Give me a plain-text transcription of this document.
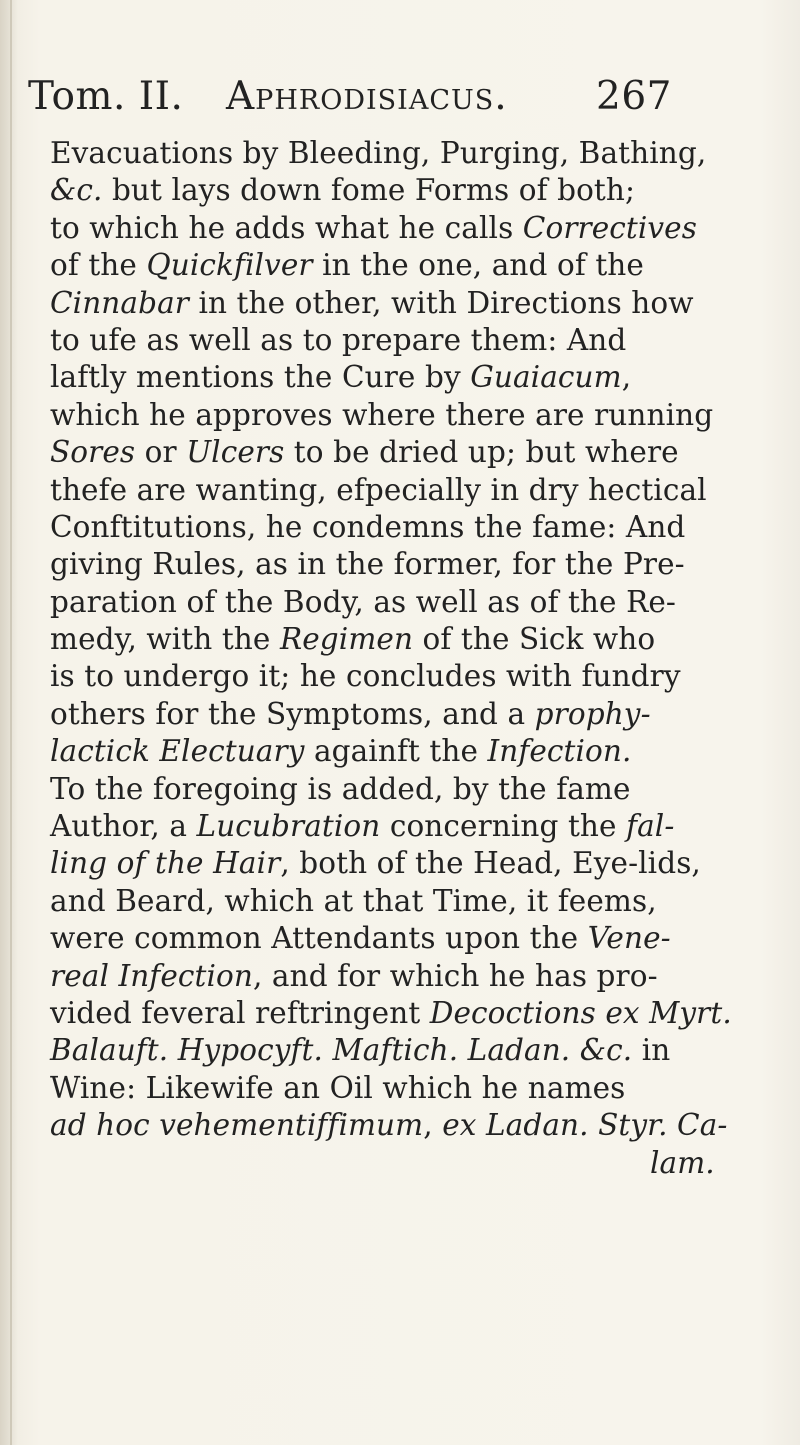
Tom. II. Aphrodisiacus. 267
Evacuations by Bleeding, Purging, Bathing,
&c. but lays down fome Forms of both;
to which he adds what he calls Correctives
of the Quickfilver in the one, and of the
Cinnabar in the other, with Directions how
to ufe as well as to prepare them: And
laftly mentions the Cure by Guaiacum,
which he approves where there are running
Sores or Ulcers to be dried up; but where
thefe are wanting, efpecially in dry hectical
Conftitutions, he condemns the fame: And
giving Rules, as in the former, for the Pre-
paration of the Body, as well as of the Re-
medy, with the Regimen of the Sick who
is to undergo it; he concludes with fundry
others for the Symptoms, and a prophy-
lactick Electuary againft the Infection.
To the foregoing is added, by the fame
Author, a Lucubration concerning the fal-
ling of the Hair, both of the Head, Eye-lids,
and Beard, which at that Time, it feems,
were common Attendants upon the Vene-
real Infection, and for which he has pro-
vided feveral reftringent Decoctions ex Myrt.
Balauft. Hypocyft. Maftich. Ladan. &c. in
Wine: Likewife an Oil which he names
ad hoc vehementiffimum, ex Ladan. Styr. Ca-
lam.
